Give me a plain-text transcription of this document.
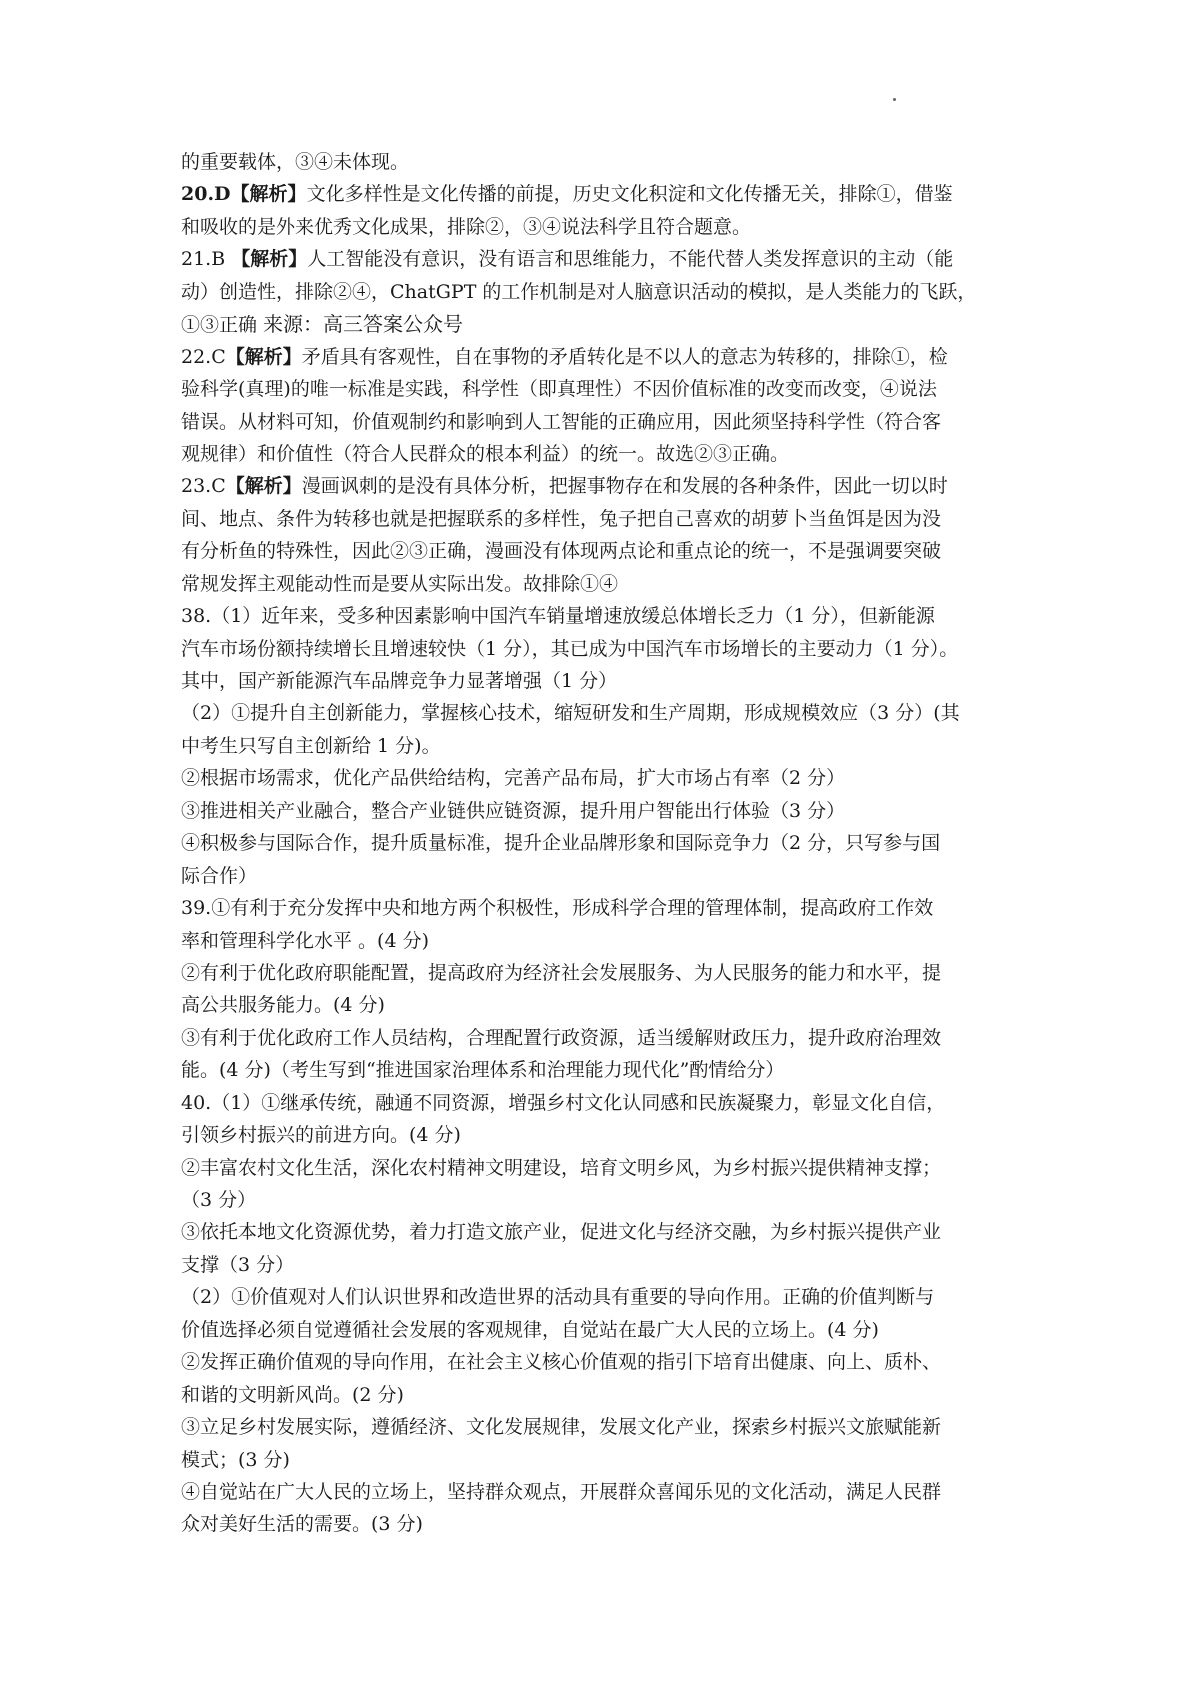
的重要载体，③④未体现。
20.D【解析】文化多样性是文化传播的前提，历史文化积淀和文化传播无关，排除①，借鉴
和吸收的是外来优秀文化成果，排除②，③④说法科学且符合题意。
21.B 【解析】人工智能没有意识，没有语言和思维能力，不能代替人类发挥意识的主动（能
动）创造性，排除②④，ChatGPT 的工作机制是对人脑意识活动的模拟，是人类能力的飞跃，
①③正确 来源：高三答案公众号
22.C【解析】矛盾具有客观性，自在事物的矛盾转化是不以人的意志为转移的，排除①，检
验科学(真理)的唯一标准是实践，科学性（即真理性）不因价值标准的改变而改变，④说法
错误。从材料可知，价值观制约和影响到人工智能的正确应用，因此须坚持科学性（符合客
观规律）和价值性（符合人民群众的根本利益）的统一。故选②③正确。
23.C【解析】漫画讽刺的是没有具体分析，把握事物存在和发展的各种条件，因此一切以时
间、地点、条件为转移也就是把握联系的多样性，兔子把自己喜欢的胡萝卜当鱼饵是因为没
有分析鱼的特殊性，因此②③正确，漫画没有体现两点论和重点论的统一，不是强调要突破
常规发挥主观能动性而是要从实际出发。故排除①④
38.（1）近年来，受多种因素影响中国汽车销量增速放缓总体增长乏力（1 分），但新能源
汽车市场份额持续增长且增速较快（1 分），其已成为中国汽车市场增长的主要动力（1 分）。
其中，国产新能源汽车品牌竞争力显著增强（1 分）
（2）①提升自主创新能力，掌握核心技术，缩短研发和生产周期，形成规模效应（3 分）(其
中考生只写自主创新给 1 分)。
②根据市场需求，优化产品供给结构，完善产品布局，扩大市场占有率（2 分）
③推进相关产业融合，整合产业链供应链资源，提升用户智能出行体验（3 分）
④积极参与国际合作，提升质量标准，提升企业品牌形象和国际竞争力（2 分，只写参与国
际合作）
39.①有利于充分发挥中央和地方两个积极性，形成科学合理的管理体制，提高政府工作效
率和管理科学化水平 。(4 分)
②有利于优化政府职能配置，提高政府为经济社会发展服务、为人民服务的能力和水平，提
高公共服务能力。(4 分)
③有利于优化政府工作人员结构，合理配置行政资源，适当缓解财政压力，提升政府治理效
能。(4 分)（考生写到“推进国家治理体系和治理能力现代化”酌情给分）
40.（1）①继承传统，融通不同资源，增强乡村文化认同感和民族凝聚力，彰显文化自信，
引领乡村振兴的前进方向。(4 分)
②丰富农村文化生活，深化农村精神文明建设，培育文明乡风，为乡村振兴提供精神支撑；
（3 分）
③依托本地文化资源优势，着力打造文旅产业，促进文化与经济交融，为乡村振兴提供产业
支撑（3 分）
（2）①价值观对人们认识世界和改造世界的活动具有重要的导向作用。正确的价值判断与
价值选择必须自觉遵循社会发展的客观规律，自觉站在最广大人民的立场上。(4 分)
②发挥正确价值观的导向作用，在社会主义核心价值观的指引下培育出健康、向上、质朴、
和谐的文明新风尚。(2 分)
③立足乡村发展实际，遵循经济、文化发展规律，发展文化产业，探索乡村振兴文旅赋能新
模式；(3 分)
④自觉站在广大人民的立场上，坚持群众观点，开展群众喜闻乐见的文化活动，满足人民群
众对美好生活的需要。(3 分)
